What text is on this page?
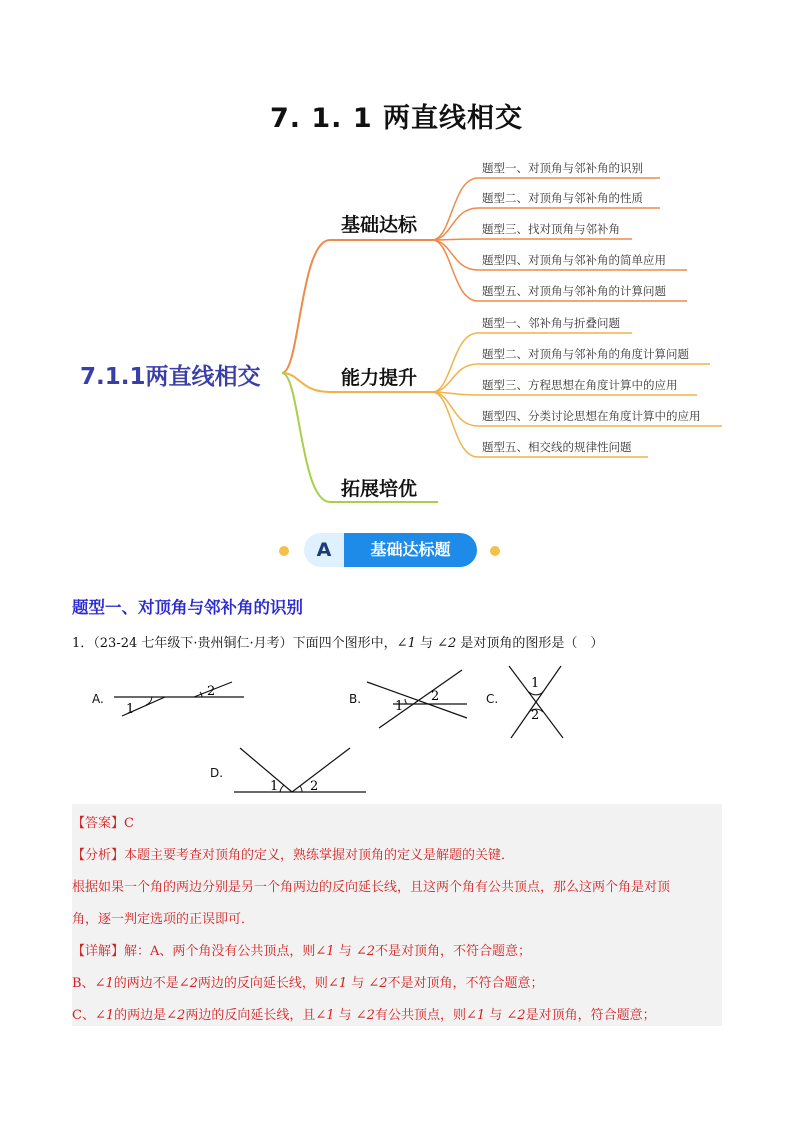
7. 1. 1 两直线相交
7.1.1两直线相交
基础达标
能力提升
拓展培优
题型一、对顶角与邻补角的识别
题型二、对顶角与邻补角的性质
题型三、找对顶角与邻补角
题型四、对顶角与邻补角的简单应用
题型五、对顶角与邻补角的计算问题
题型一、邻补角与折叠问题
题型二、对顶角与邻补角的角度计算问题
题型三、方程思想在角度计算中的应用
题型四、分类讨论思想在角度计算中的应用
题型五、相交线的规律性问题
A	基础达标题
题型一、对顶角与邻补角的识别
1．（23-24 七年级下·贵州铜仁·月考）下面四个图形中，∠1 与 ∠2 是对顶角的图形是（　）
A.
1
2	B.	1
2	C.
1
2
D.
1 2
【答案】C
【分析】本题主要考查对顶角的定义，熟练掌握对顶角的定义是解题的关键．
根据如果一个角的两边分别是另一个角两边的反向延长线，且这两个角有公共顶点，那么这两个角是对顶
角，逐一判定选项的正误即可．
【详解】解：A、两个角没有公共顶点，则∠1 与 ∠2不是对顶角，不符合题意；
B、∠1的两边不是∠2两边的反向延长线，则∠1 与 ∠2不是对顶角，不符合题意；
C、∠1的两边是∠2两边的反向延长线，且∠1 与 ∠2有公共顶点，则∠1 与 ∠2是对顶角，符合题意；
